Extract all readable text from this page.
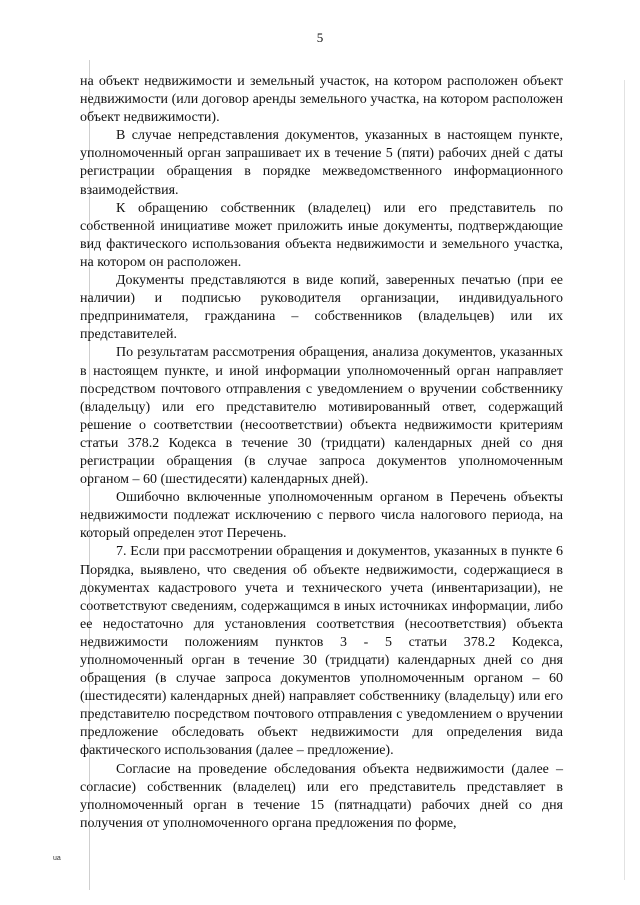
5

на объект недвижимости и земельный участок, на котором расположен объект недвижимости (или договор аренды земельного участка, на котором расположен объект недвижимости).

В случае непредставления документов, указанных в настоящем пункте, уполномоченный орган запрашивает их в течение 5 (пяти) рабочих дней с даты регистрации обращения в порядке межведомственного информационного взаимодействия.

К обращению собственник (владелец) или его представитель по собственной инициативе может приложить иные документы, подтверждающие вид фактического использования объекта недвижимости и земельного участка, на котором он расположен.

Документы представляются в виде копий, заверенных печатью (при ее наличии) и подписью руководителя организации, индивидуального предпринимателя, гражданина – собственников (владельцев) или их представителей.

По результатам рассмотрения обращения, анализа документов, указанных в настоящем пункте, и иной информации уполномоченный орган направляет посредством почтового отправления с уведомлением о вручении собственнику (владельцу) или его представителю мотивированный ответ, содержащий решение о соответствии (несоответствии) объекта недвижимости критериям статьи 378.2 Кодекса в течение 30 (тридцати) календарных дней со дня регистрации обращения (в случае запроса документов уполномоченным органом – 60 (шестидесяти) календарных дней).

Ошибочно включенные уполномоченным органом в Перечень объекты недвижимости подлежат исключению с первого числа налогового периода, на который определен этот Перечень.

7. Если при рассмотрении обращения и документов, указанных в пункте 6 Порядка, выявлено, что сведения об объекте недвижимости, содержащиеся в документах кадастрового учета и технического учета (инвентаризации), не соответствуют сведениям, содержащимся в иных источниках информации, либо ее недостаточно для установления соответствия (несоответствия) объекта недвижимости положениям пунктов 3 - 5 статьи 378.2 Кодекса, уполномоченный орган в течение 30 (тридцати) календарных дней со дня обращения (в случае запроса документов уполномоченным органом – 60 (шестидесяти) календарных дней) направляет собственнику (владельцу) или его представителю посредством почтового отправления с уведомлением о вручении предложение обследовать объект недвижимости для определения вида фактического использования (далее – предложение).

Согласие на проведение обследования объекта недвижимости (далее – согласие) собственник (владелец) или его представитель представляет в уполномоченный орган в течение 15 (пятнадцати) рабочих дней со дня получения от уполномоченного органа предложения по форме,

ua
